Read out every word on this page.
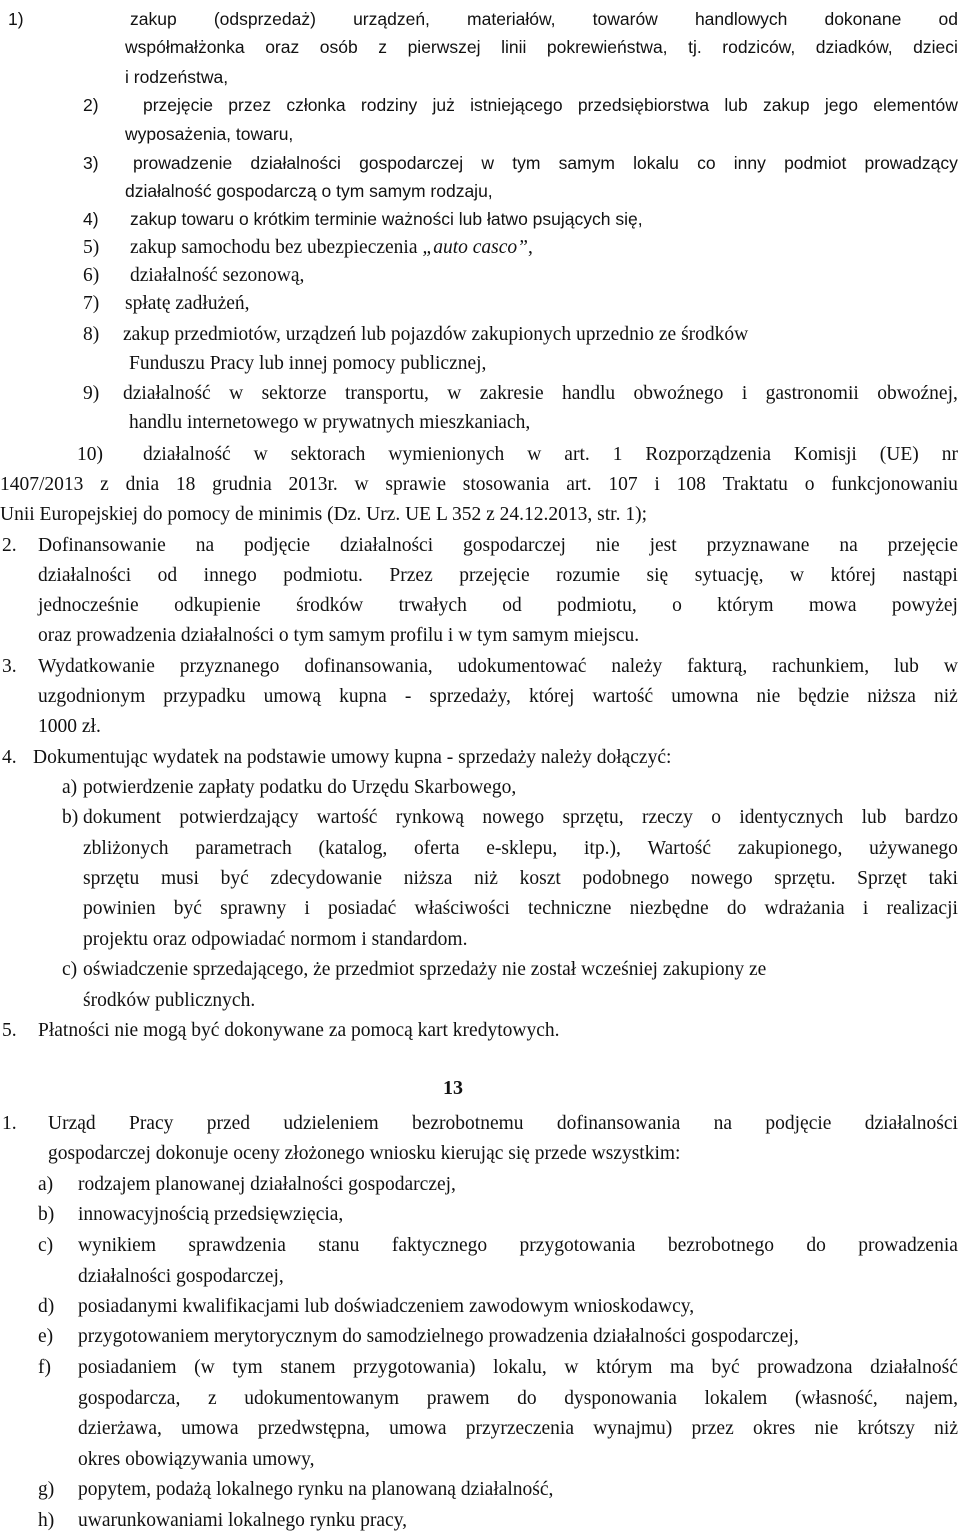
1)	zakup (odsprzedaż) urządzeń, materiałów, towarów handlowych dokonane od
współmałżonka oraz osób z pierwszej linii pokrewieństwa, tj. rodziców, dziadków, dzieci
i rodzeństwa,
2)	przejęcie przez członka rodziny już istniejącego przedsiębiorstwa lub zakup jego elementów
wyposażenia, towaru,
3) prowadzenie działalności gospodarczej w tym samym lokalu co inny podmiot prowadzący
działalność gospodarczą o tym samym rodzaju,
4) zakup towaru o krótkim terminie ważności lub łatwo psujących się,
5) zakup samochodu bez ubezpieczenia „auto casco”,
6) działalność sezonową,
7) spłatę zadłużeń,
8) zakup przedmiotów, urządzeń lub pojazdów zakupionych uprzednio ze środków
Funduszu Pracy lub innej pomocy publicznej,
9) działalność w sektorze transportu, w zakresie handlu obwoźnego i gastronomii obwoźnej,
handlu internetowego w prywatnych mieszkaniach,
10) działalność w sektorach wymienionych w art. 1 Rozporządzenia Komisji (UE) nr
1407/2013 z dnia 18 grudnia 2013r. w sprawie stosowania art. 107 i 108 Traktatu o funkcjonowaniu
Unii Europejskiej do pomocy de minimis (Dz. Urz. UE L 352 z 24.12.2013, str. 1);
2. Dofinansowanie na podjęcie działalności gospodarczej nie jest przyznawane na przejęcie
działalności od innego podmiotu. Przez przejęcie rozumie się sytuację, w której nastąpi
jednocześnie odkupienie środków trwałych od podmiotu, o którym mowa powyżej
oraz prowadzenia działalności o tym samym profilu i w tym samym miejscu.
3. Wydatkowanie przyznanego dofinansowania, udokumentować należy fakturą, rachunkiem, lub w
uzgodnionym przypadku umową kupna - sprzedaży, której wartość umowna nie będzie niższa niż
1000 zł.
4. Dokumentując wydatek na podstawie umowy kupna - sprzedaży należy dołączyć:
a) potwierdzenie zapłaty podatku do Urzędu Skarbowego,
b) dokument potwierdzający wartość rynkową nowego sprzętu, rzeczy o identycznych lub bardzo
zbliżonych parametrach (katalog, oferta e-sklepu, itp.), Wartość zakupionego, używanego
sprzętu musi być zdecydowanie niższa niż koszt podobnego nowego sprzętu. Sprzęt taki
powinien być sprawny i posiadać właściwości techniczne niezbędne do wdrażania i realizacji
projektu oraz odpowiadać normom i standardom.
c) oświadczenie sprzedającego, że przedmiot sprzedaży nie został wcześniej zakupiony ze
środków publicznych.
5. Płatności nie mogą być dokonywane za pomocą kart kredytowych.
13
1. Urząd Pracy przed udzieleniem bezrobotnemu dofinansowania na podjęcie działalności
gospodarczej dokonuje oceny złożonego wniosku kierując się przede wszystkim:
a) rodzajem planowanej działalności gospodarczej,
b) innowacyjnością przedsięwzięcia,
c) wynikiem sprawdzenia stanu faktycznego przygotowania bezrobotnego do prowadzenia
działalności gospodarczej,
d) posiadanymi kwalifikacjami lub doświadczeniem zawodowym wnioskodawcy,
e) przygotowaniem merytorycznym do samodzielnego prowadzenia działalności gospodarczej,
f) posiadaniem (w tym stanem przygotowania) lokalu, w którym ma być prowadzona działalność
gospodarcza, z udokumentowanym prawem do dysponowania lokalem (własność, najem,
dzierżawa, umowa przedwstępna, umowa przyrzeczenia wynajmu) przez okres nie krótszy niż
okres obowiązywania umowy,
g) popytem, podażą lokalnego rynku na planowaną działalność,
h) uwarunkowaniami lokalnego rynku pracy,
